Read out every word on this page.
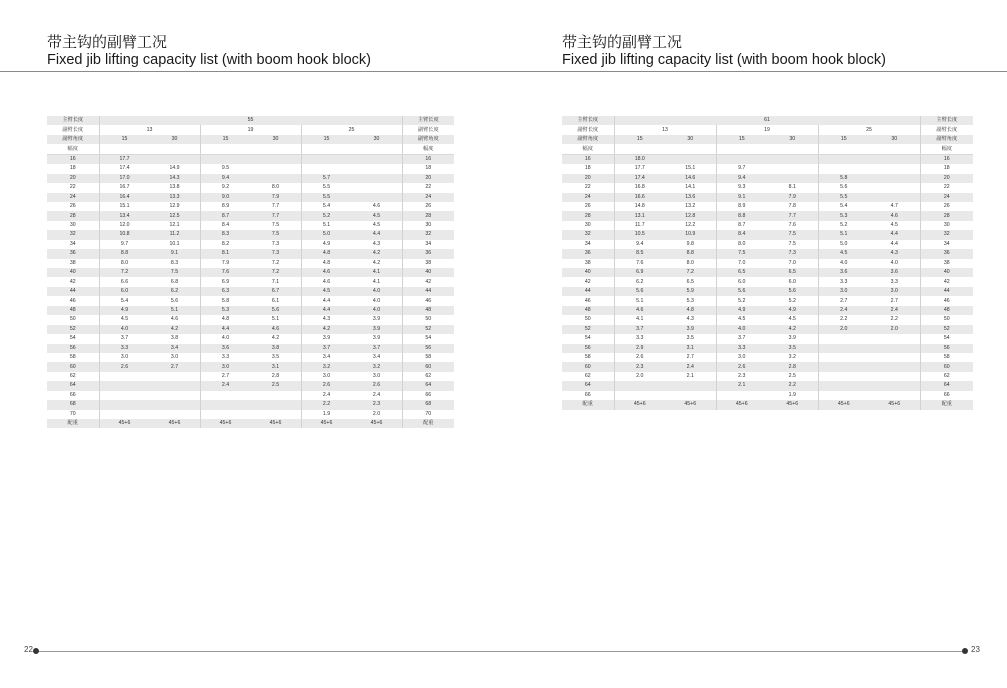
带主钩的副臂工况
Fixed jib lifting capacity list (with boom hook block)
主臂长度	55						主臂长度
副臂长度	13		19		25		副臂长度
副臂角度	15	30	15	30	15	30	副臂角度
幅度							幅度
16	17.7						16
18	17.4	14.9	9.5				18
20	17.0	14.3	9.4		5.7		20
22	16.7	13.8	9.2	8.0	5.5		22
24	16.4	13.3	9.0	7.9	5.5		24
26	15.1	12.9	8.9	7.7	5.4	4.6	26
28	13.4	12.5	8.7	7.7	5.2	4.5	28
30	12.0	12.1	8.4	7.5	5.1	4.5	30
32	10.8	11.2	8.3	7.5	5.0	4.4	32
34	9.7	10.1	8.2	7.3	4.9	4.3	34
36	8.8	9.1	8.1	7.3	4.8	4.2	36
38	8.0	8.3	7.9	7.2	4.8	4.2	38
40	7.2	7.5	7.6	7.2	4.6	4.1	40
42	6.6	6.8	6.9	7.1	4.6	4.1	42
44	6.0	6.2	6.3	6.7	4.5	4.0	44
46	5.4	5.6	5.8	6.1	4.4	4.0	46
48	4.9	5.1	5.3	5.6	4.4	4.0	48
50	4.5	4.6	4.8	5.1	4.3	3.9	50
52	4.0	4.2	4.4	4.6	4.2	3.9	52
54	3.7	3.8	4.0	4.2	3.9	3.9	54
56	3.3	3.4	3.6	3.8	3.7	3.7	56
58	3.0	3.0	3.3	3.5	3.4	3.4	58
60	2.6	2.7	3.0	3.1	3.2	3.2	60
62			2.7	2.8	3.0	3.0	62
64			2.4	2.5	2.6	2.6	64
66					2.4	2.4	66
68					2.2	2.3	68
70					1.9	2.0	70
配重	45+6	45+6	45+6	45+6	45+6	45+6	配重
带主钩的副臂工况
Fixed jib lifting capacity list (with boom hook block)
主臂长度	61						主臂长度
副臂长度	13		19		25		副臂长度
副臂角度	15	30	15	30	15	30	副臂角度
幅度							幅度
16	18.0						16
18	17.7	15.1	9.7				18
20	17.4	14.6	9.4		5.8		20
22	16.8	14.1	9.3	8.1	5.6		22
24	16.6	13.6	9.1	7.9	5.5		24
26	14.8	13.2	8.9	7.8	5.4	4.7	26
28	13.1	12.8	8.8	7.7	5.3	4.6	28
30	11.7	12.2	8.7	7.6	5.2	4.5	30
32	10.5	10.9	8.4	7.5	5.1	4.4	32
34	9.4	9.8	8.0	7.5	5.0	4.4	34
36	8.5	8.8	7.5	7.3	4.5	4.3	36
38	7.6	8.0	7.0	7.0	4.0	4.0	38
40	6.9	7.2	6.5	6.5	3.6	3.6	40
42	6.2	6.5	6.0	6.0	3.3	3.3	42
44	5.6	5.9	5.6	5.6	3.0	3.0	44
46	5.1	5.3	5.2	5.2	2.7	2.7	46
48	4.6	4.8	4.9	4.9	2.4	2.4	48
50	4.1	4.3	4.5	4.5	2.2	2.2	50
52	3.7	3.9	4.0	4.2	2.0	2.0	52
54	3.3	3.5	3.7	3.9			54
56	2.9	3.1	3.3	3.5			56
58	2.6	2.7	3.0	3.2			58
60	2.3	2.4	2.6	2.8			60
62	2.0	2.1	2.3	2.5			62
64			2.1	2.2			64
66				1.9			66
配重	45+6	45+6	45+6	45+6	45+6	45+6	配重
22	23
